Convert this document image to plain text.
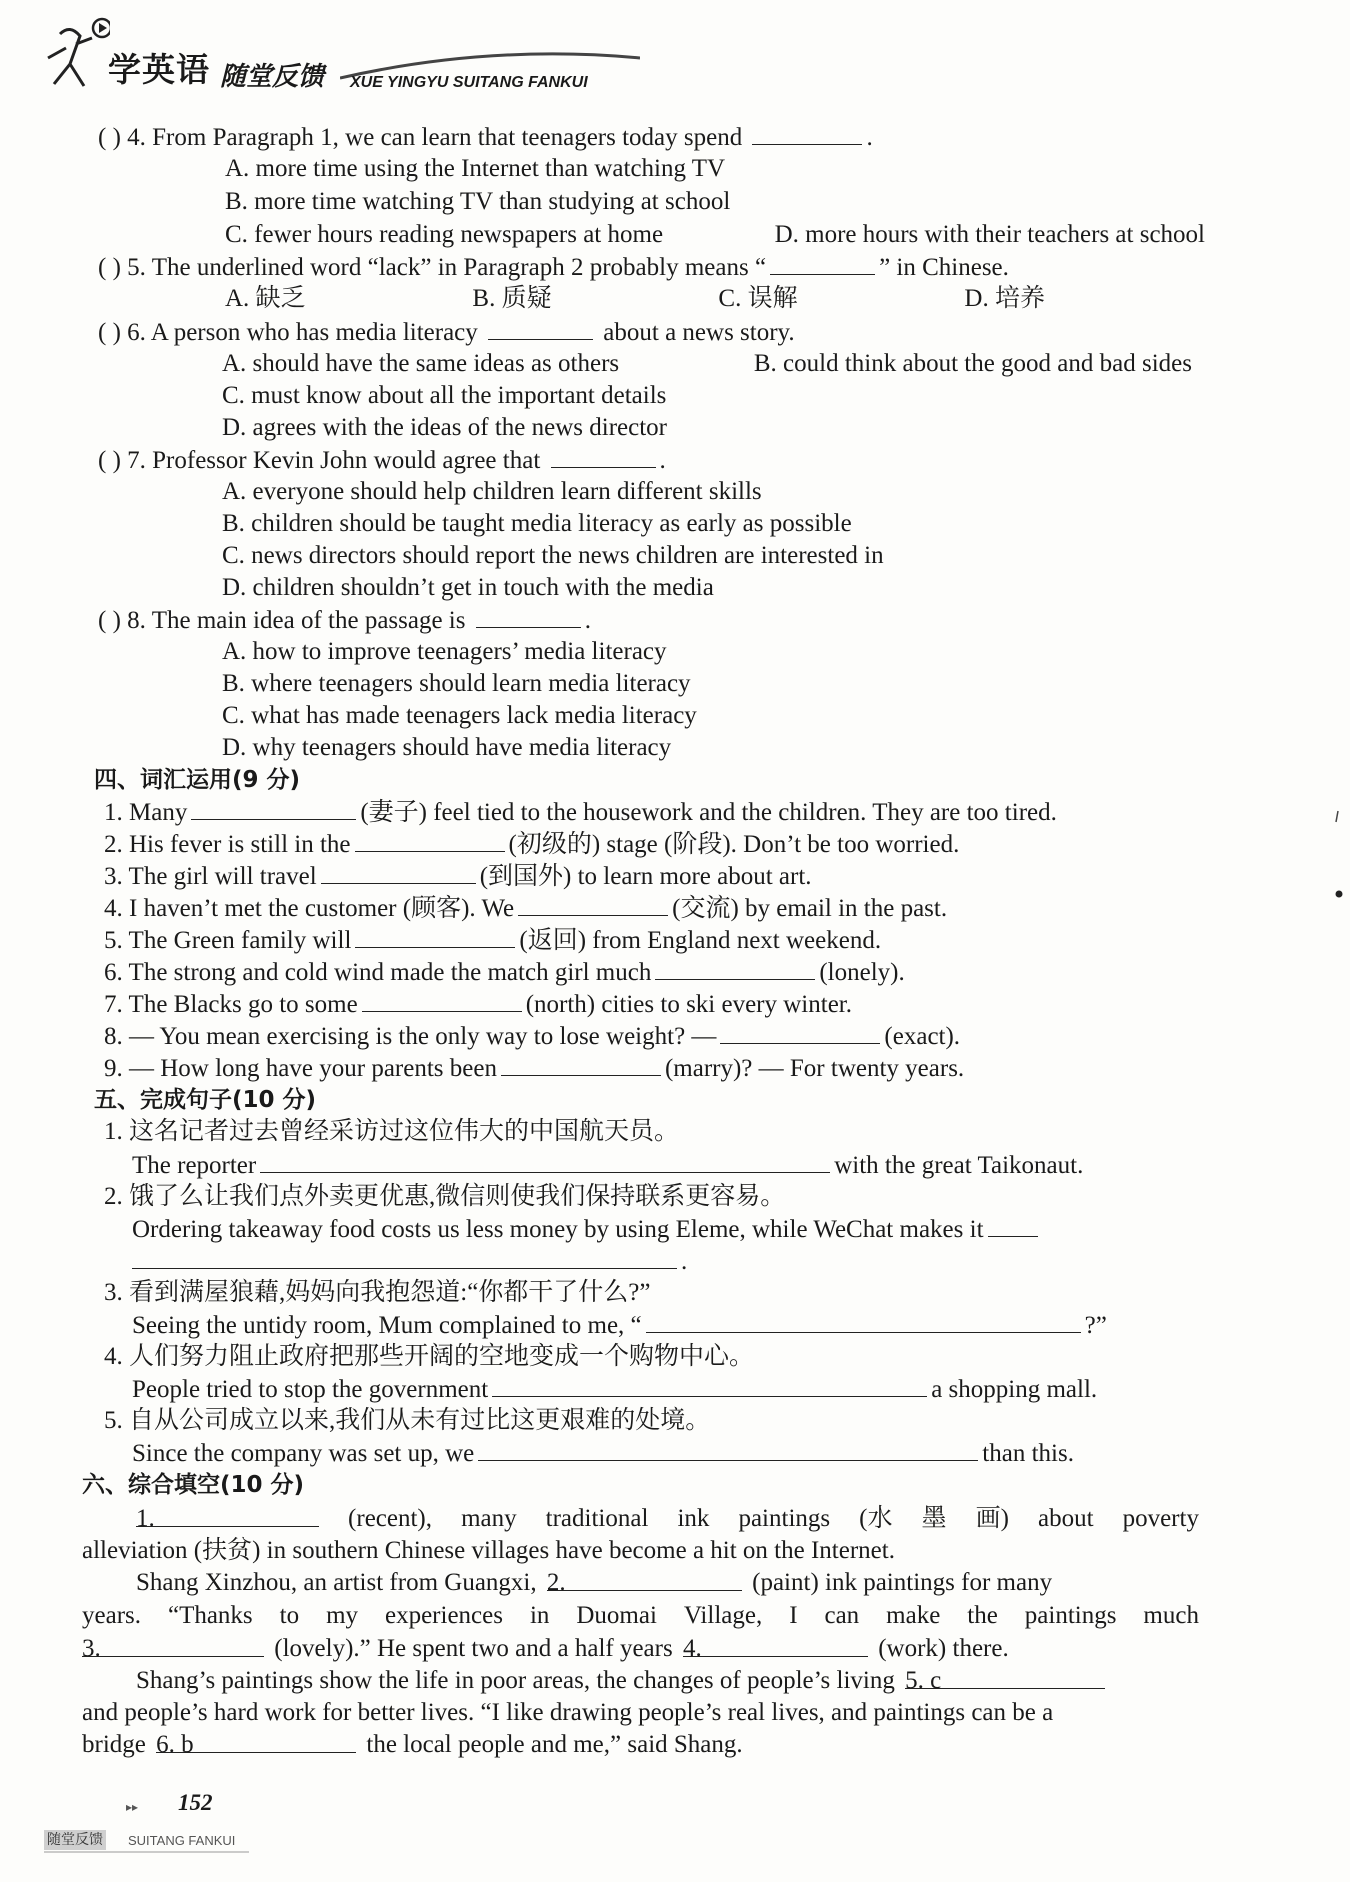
学英语 随堂反馈 XUE YINGYU SUITANG FANKUI
( ) 4. From Paragraph 1, we can learn that teenagers today spend	.
A. more time using the Internet than watching TV
B. more time watching TV than studying at school
C. fewer hours reading newspapers at home	D. more hours with their teachers at school
( ) 5. The underlined word “lack” in Paragraph 2 probably means “	” in Chinese.
A. 缺乏	B. 质疑	C. 误解	D. 培养
( ) 6. A person who has media literacy	about a news story.
A. should have the same ideas as others	B. could think about the good and bad sides
C. must know about all the important details
D. agrees with the ideas of the news director
( ) 7. Professor Kevin John would agree that	.
A. everyone should help children learn different skills
B. children should be taught media literacy as early as possible
C. news directors should report the news children are interested in
D. children shouldn’t get in touch with the media
( ) 8. The main idea of the passage is	.
A. how to improve teenagers’ media literacy
B. where teenagers should learn media literacy
C. what has made teenagers lack media literacy
D. why teenagers should have media literacy
四、词汇运用(9 分)
1. Many	(妻子) feel tied to the housework and the children. They are too tired.
2. His fever is still in the	(初级的) stage (阶段). Don’t be too worried.
3. The girl will travel	(到国外) to learn more about art.
4. I haven’t met the customer (顾客). We	(交流) by email in the past.
5. The Green family will	(返回) from England next weekend.
6. The strong and cold wind made the match girl much	(lonely).
7. The Blacks go to some	(north) cities to ski every winter.
8. — You mean exercising is the only way to lose weight? —	(exact).
9. — How long have your parents been	(marry)? — For twenty years.
五、完成句子(10 分)
1. 这名记者过去曾经采访过这位伟大的中国航天员。
The reporter	with the great Taikonaut.
2. 饿了么让我们点外卖更优惠,微信则使我们保持联系更容易。
Ordering takeaway food costs us less money by using Eleme, while WeChat makes it
.
3. 看到满屋狼藉,妈妈向我抱怨道:“你都干了什么?”
Seeing the untidy room, Mum complained to me, “	?”
4. 人们努力阻止政府把那些开阔的空地变成一个购物中心。
People tried to stop the government	a shopping mall.
5. 自从公司成立以来,我们从未有过比这更艰难的处境。
Since the company was set up, we	than this.
六、综合填空(10 分)
1.	(recent), many traditional ink paintings (水 墨 画) about poverty
alleviation (扶贫) in southern Chinese villages have become a hit on the Internet.
Shang Xinzhou, an artist from Guangxi, 2.	(paint) ink paintings for many
years. “Thanks to my experiences in Duomai Village, I can make the paintings much
3.	(lovely).” He spent two and a half years 4.	(work) there.
Shang’s paintings show the life in poor areas, the changes of people’s living 5. c
and people’s hard work for better lives. “I like drawing people’s real lives, and paintings can be a
bridge 6. b	the local people and me,” said Shang.
▸▸ 152
随堂反馈 SUITANG FANKUI
